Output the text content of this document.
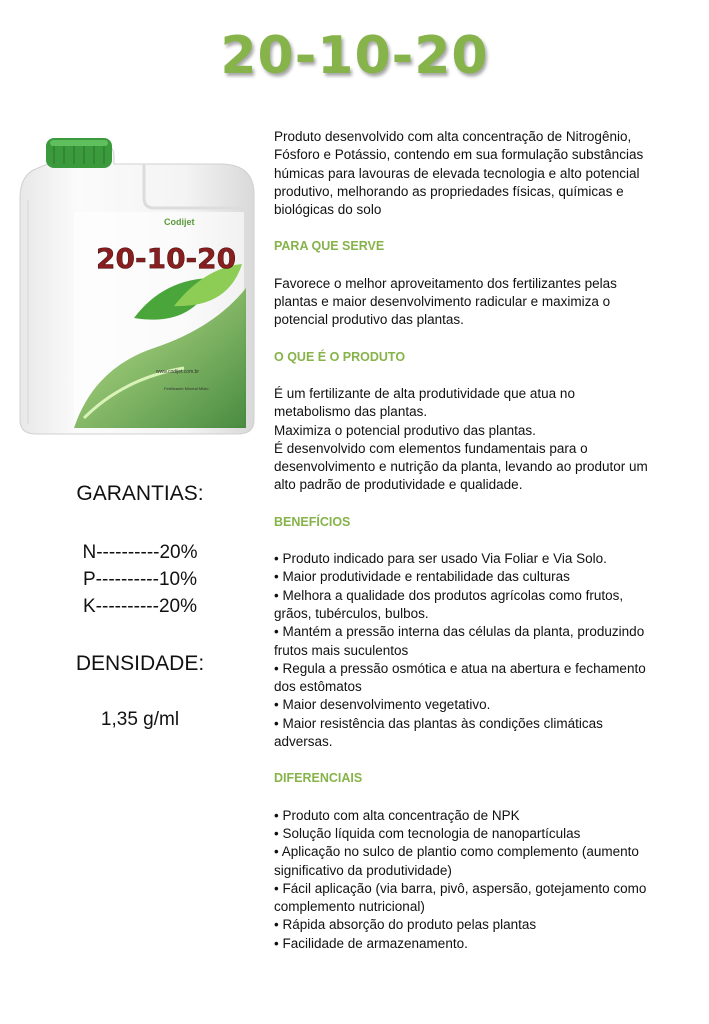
20-10-20
Codijet
20-10-20
www.codijet.com.br
Fertilizante Mineral Misto
GARANTIAS:
N----------20%
P----------10%
K----------20%
DENSIDADE:
1,35 g/ml

Produto desenvolvido com alta concentração de Nitrogênio,
Fósforo e Potássio, contendo em sua formulação substâncias
húmicas para lavouras de elevada tecnologia e alto potencial
produtivo, melhorando as propriedades físicas, químicas e
biológicas do solo

PARA QUE SERVE

Favorece o melhor aproveitamento dos fertilizantes pelas
plantas e maior desenvolvimento radicular e maximiza o
potencial produtivo das plantas.

O QUE É O PRODUTO

É um fertilizante de alta produtividade que atua no
metabolismo das plantas.
Maximiza o potencial produtivo das plantas.
É desenvolvido com elementos fundamentais para o
desenvolvimento e nutrição da planta, levando ao produtor um
alto padrão de produtividade e qualidade.

BENEFÍCIOS

• Produto indicado para ser usado Via Foliar e Via Solo.
• Maior produtividade e rentabilidade das culturas
• Melhora a qualidade dos produtos agrícolas como frutos,
grãos, tubérculos, bulbos.
• Mantém a pressão interna das células da planta, produzindo
frutos mais suculentos
• Regula a pressão osmótica e atua na abertura e fechamento
dos estômatos
• Maior desenvolvimento vegetativo.
• Maior resistência das plantas às condições climáticas
adversas.

DIFERENCIAIS

• Produto com alta concentração de NPK
• Solução líquida com tecnologia de nanopartículas
• Aplicação no sulco de plantio como complemento (aumento
significativo da produtividade)
• Fácil aplicação (via barra, pivô, aspersão, gotejamento como
complemento nutricional)
• Rápida absorção do produto pelas plantas
• Facilidade de armazenamento.
